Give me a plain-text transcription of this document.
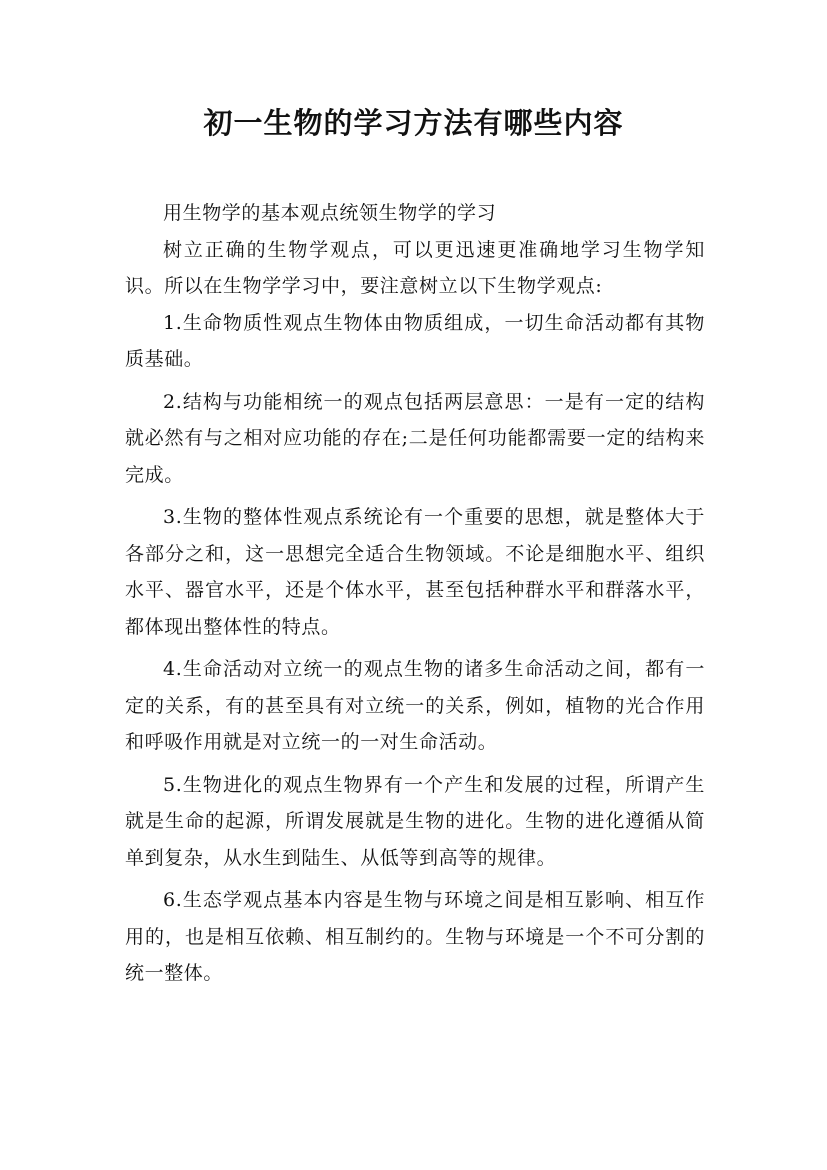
初一生物的学习方法有哪些内容

用生物学的基本观点统领生物学的学习

树立正确的生物学观点，可以更迅速更准确地学习生物学知识。所以在生物学学习中，要注意树立以下生物学观点:

1.生命物质性观点生物体由物质组成，一切生命活动都有其物质基础。

2.结构与功能相统一的观点包括两层意思：一是有一定的结构就必然有与之相对应功能的存在;二是任何功能都需要一定的结构来完成。

3.生物的整体性观点系统论有一个重要的思想，就是整体大于各部分之和，这一思想完全适合生物领域。不论是细胞水平、组织水平、器官水平，还是个体水平，甚至包括种群水平和群落水平，都体现出整体性的特点。

4.生命活动对立统一的观点生物的诸多生命活动之间，都有一定的关系，有的甚至具有对立统一的关系，例如，植物的光合作用和呼吸作用就是对立统一的一对生命活动。

5.生物进化的观点生物界有一个产生和发展的过程，所谓产生就是生命的起源，所谓发展就是生物的进化。生物的进化遵循从简单到复杂，从水生到陆生、从低等到高等的规律。

6.生态学观点基本内容是生物与环境之间是相互影响、相互作用的，也是相互依赖、相互制约的。生物与环境是一个不可分割的统一整体。
